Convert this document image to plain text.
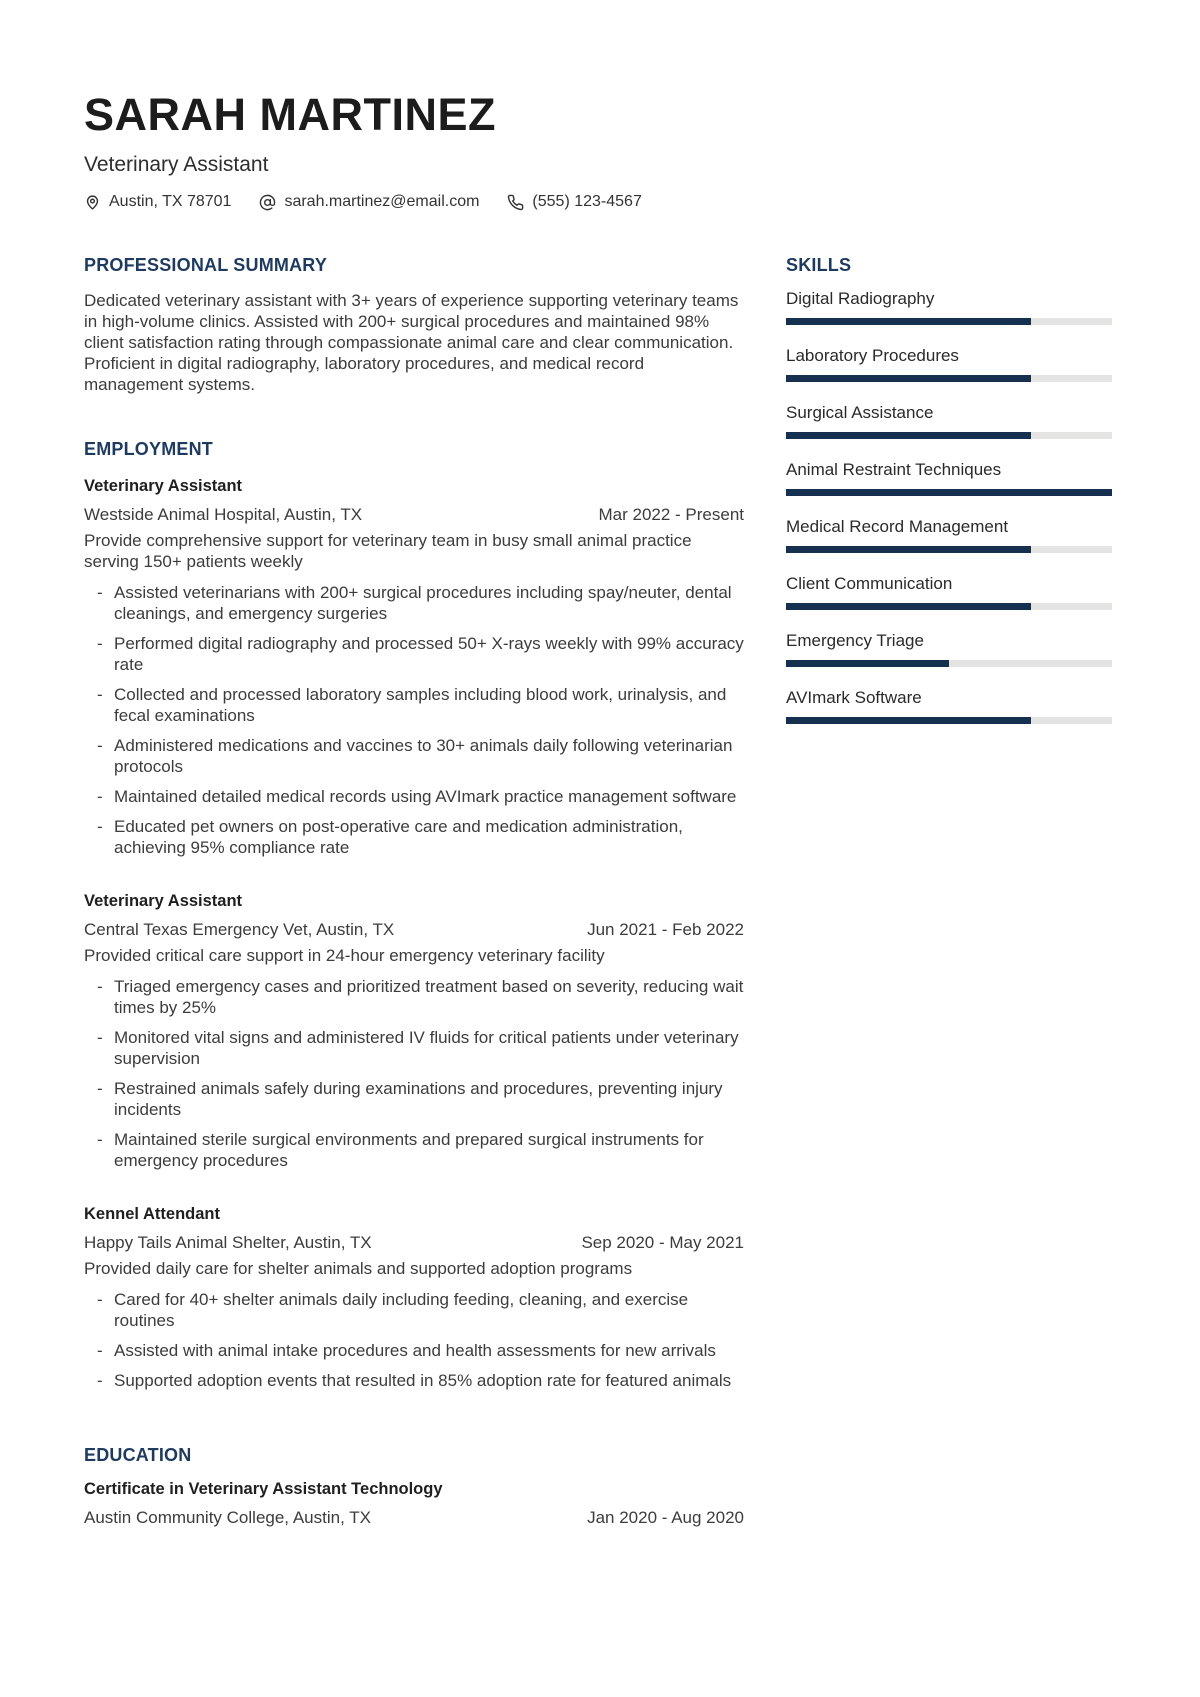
SARAH MARTINEZ
Veterinary Assistant
Austin, TX 78701	sarah.martinez@email.com	(555) 123-4567
PROFESSIONAL SUMMARY

Dedicated veterinary assistant with 3+ years of experience supporting veterinary teams in high-volume clinics. Assisted with 200+ surgical procedures and maintained 98% client satisfaction rating through compassionate animal care and clear communication. Proficient in digital radiography, laboratory procedures, and medical record management systems.

EMPLOYMENT
Veterinary Assistant
Westside Animal Hospital, Austin, TX	Mar 2022 - Present

Provide comprehensive support for veterinary team in busy small animal practice serving 150+ patients weekly

- Assisted veterinarians with 200+ surgical procedures including spay/neuter, dental cleanings, and emergency surgeries
- Performed digital radiography and processed 50+ X-rays weekly with 99% accuracy rate
- Collected and processed laboratory samples including blood work, urinalysis, and fecal examinations
- Administered medications and vaccines to 30+ animals daily following veterinarian protocols
- Maintained detailed medical records using AVImark practice management software
- Educated pet owners on post-operative care and medication administration, achieving 95% compliance rate
Veterinary Assistant
Central Texas Emergency Vet, Austin, TX	Jun 2021 - Feb 2022

Provided critical care support in 24-hour emergency veterinary facility

- Triaged emergency cases and prioritized treatment based on severity, reducing wait times by 25%
- Monitored vital signs and administered IV fluids for critical patients under veterinary supervision
- Restrained animals safely during examinations and procedures, preventing injury incidents
- Maintained sterile surgical environments and prepared surgical instruments for emergency procedures
Kennel Attendant
Happy Tails Animal Shelter, Austin, TX	Sep 2020 - May 2021

Provided daily care for shelter animals and supported adoption programs

- Cared for 40+ shelter animals daily including feeding, cleaning, and exercise routines
- Assisted with animal intake procedures and health assessments for new arrivals
- Supported adoption events that resulted in 85% adoption rate for featured animals
EDUCATION
Certificate in Veterinary Assistant Technology
Austin Community College, Austin, TX	Jan 2020 - Aug 2020
SKILLS
Digital Radiography
Laboratory Procedures
Surgical Assistance
Animal Restraint Techniques
Medical Record Management
Client Communication
Emergency Triage
AVImark Software
